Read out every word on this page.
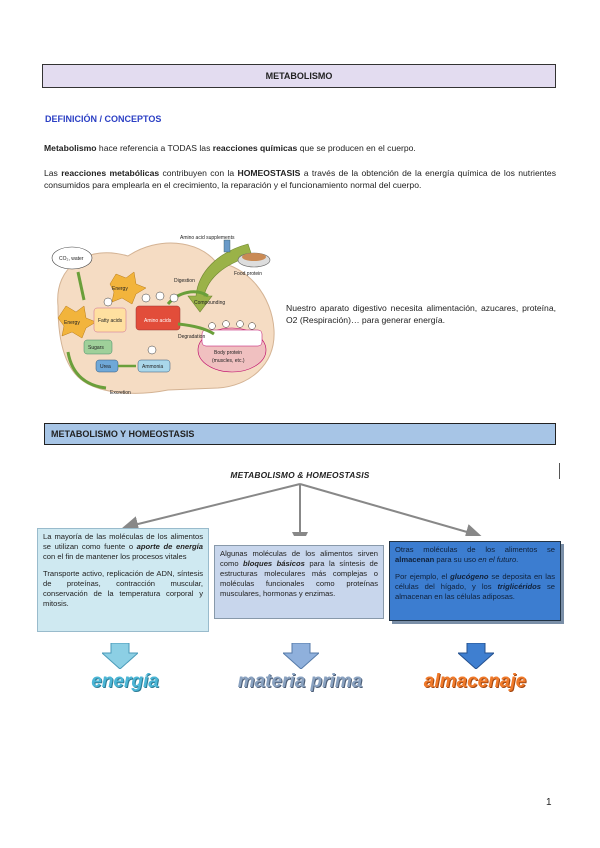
METABOLISMO
DEFINICIÓN / CONCEPTOS
Metabolismo hace referencia a TODAS las reacciones químicas que se producen en el cuerpo.
Las reacciones metabólicas contribuyen con la HOMEOSTASIS a través de la obtención de la energía química de los nutrientes consumidos para emplearla en el crecimiento, la reparación y el funcionamiento normal del cuerpo.
Amino acid supplements
Food protein
CO₂, water
Digestion
Compounding
Energy
Energy	Fatty acids	Amino acids
Degradation
Body protein
(muscles, etc.)
Sugars
Urea	Ammonia
Excretion
Nuestro aparato digestivo necesita alimentación, azucares, proteína, O2 (Respiración)… para generar energía.
METABOLISMO Y HOMEOSTASIS
METABOLISMO & HOMEOSTASIS

La mayoría de las moléculas de los alimentos se utilizan como fuente o aporte de energía con el fin de mantener los procesos vitales

Transporte activo, replicación de ADN, síntesis de proteínas, contracción muscular, conservación de la temperatura corporal y mitosis.

Algunas moléculas de los alimentos sirven como bloques básicos para la síntesis de estructuras moleculares más complejas o moléculas funcionales como proteínas musculares, hormonas y enzimas.

Otras moléculas de los alimentos se almacenan para su uso en el futuro.

Por ejemplo, el glucógeno se deposita en las células del hígado, y los triglicéridos se almacenan en las células adiposas.

energía	materia prima	almacenaje
1
